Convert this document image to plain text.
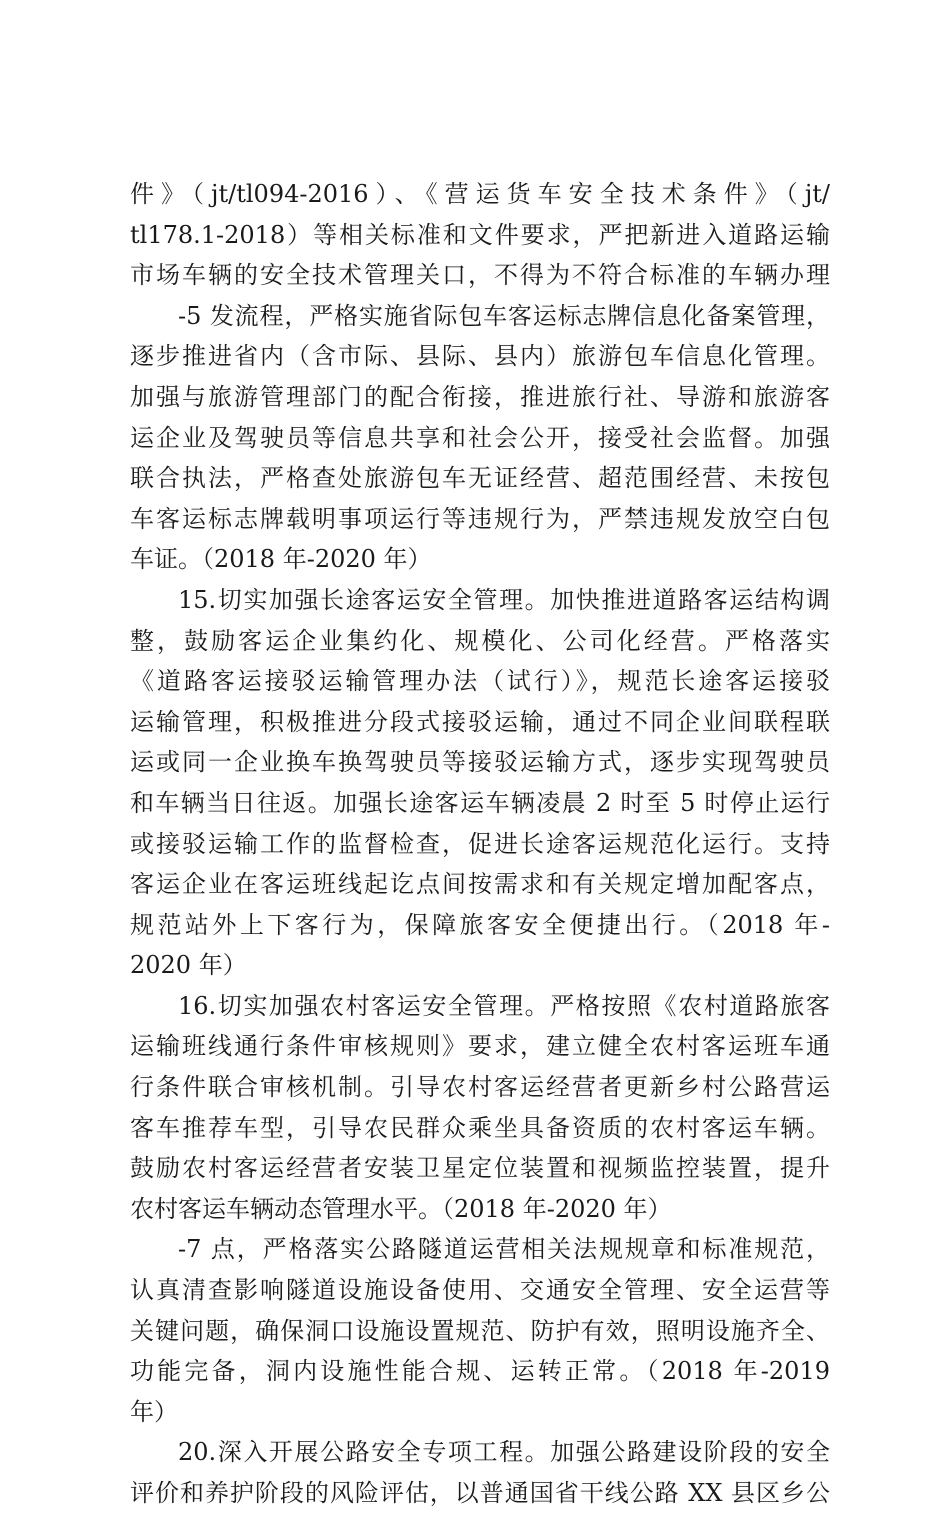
件》（jt/tl094-2016）、《营运货车安全技术条件》（jt/
tl178.1-2018）等相关标准和文件要求，严把新进入道路运输
市场车辆的安全技术管理关口，不得为不符合标准的车辆办理
-5 发流程，严格实施省际包车客运标志牌信息化备案管理，
逐步推进省内（含市际、县际、县内）旅游包车信息化管理。
加强与旅游管理部门的配合衔接，推进旅行社、导游和旅游客
运企业及驾驶员等信息共享和社会公开，接受社会监督。加强
联合执法，严格查处旅游包车无证经营、超范围经营、未按包
车客运标志牌载明事项运行等违规行为，严禁违规发放空白包
车证。（2018 年-2020 年）
15.切实加强长途客运安全管理。加快推进道路客运结构调
整，鼓励客运企业集约化、规模化、公司化经营。严格落实
《道路客运接驳运输管理办法（试行）》，规范长途客运接驳
运输管理，积极推进分段式接驳运输，通过不同企业间联程联
运或同一企业换车换驾驶员等接驳运输方式，逐步实现驾驶员
和车辆当日往返。加强长途客运车辆凌晨 2 时至 5 时停止运行
或接驳运输工作的监督检查，促进长途客运规范化运行。支持
客运企业在客运班线起讫点间按需求和有关规定增加配客点，
规范站外上下客行为，保障旅客安全便捷出行。（2018 年-
2020 年）
16.切实加强农村客运安全管理。严格按照《农村道路旅客
运输班线通行条件审核规则》要求，建立健全农村客运班车通
行条件联合审核机制。引导农村客运经营者更新乡村公路营运
客车推荐车型，引导农民群众乘坐具备资质的农村客运车辆。
鼓励农村客运经营者安装卫星定位装置和视频监控装置，提升
农村客运车辆动态管理水平。（2018 年-2020 年）
-7 点，严格落实公路隧道运营相关法规规章和标准规范，
认真清查影响隧道设施设备使用、交通安全管理、安全运营等
关键问题，确保洞口设施设置规范、防护有效，照明设施齐全、
功能完备，洞内设施性能合规、运转正常。（2018 年-2019
年）
20.深入开展公路安全专项工程。加强公路建设阶段的安全
评价和养护阶段的风险评估，以普通国省干线公路 XX 县区乡公
